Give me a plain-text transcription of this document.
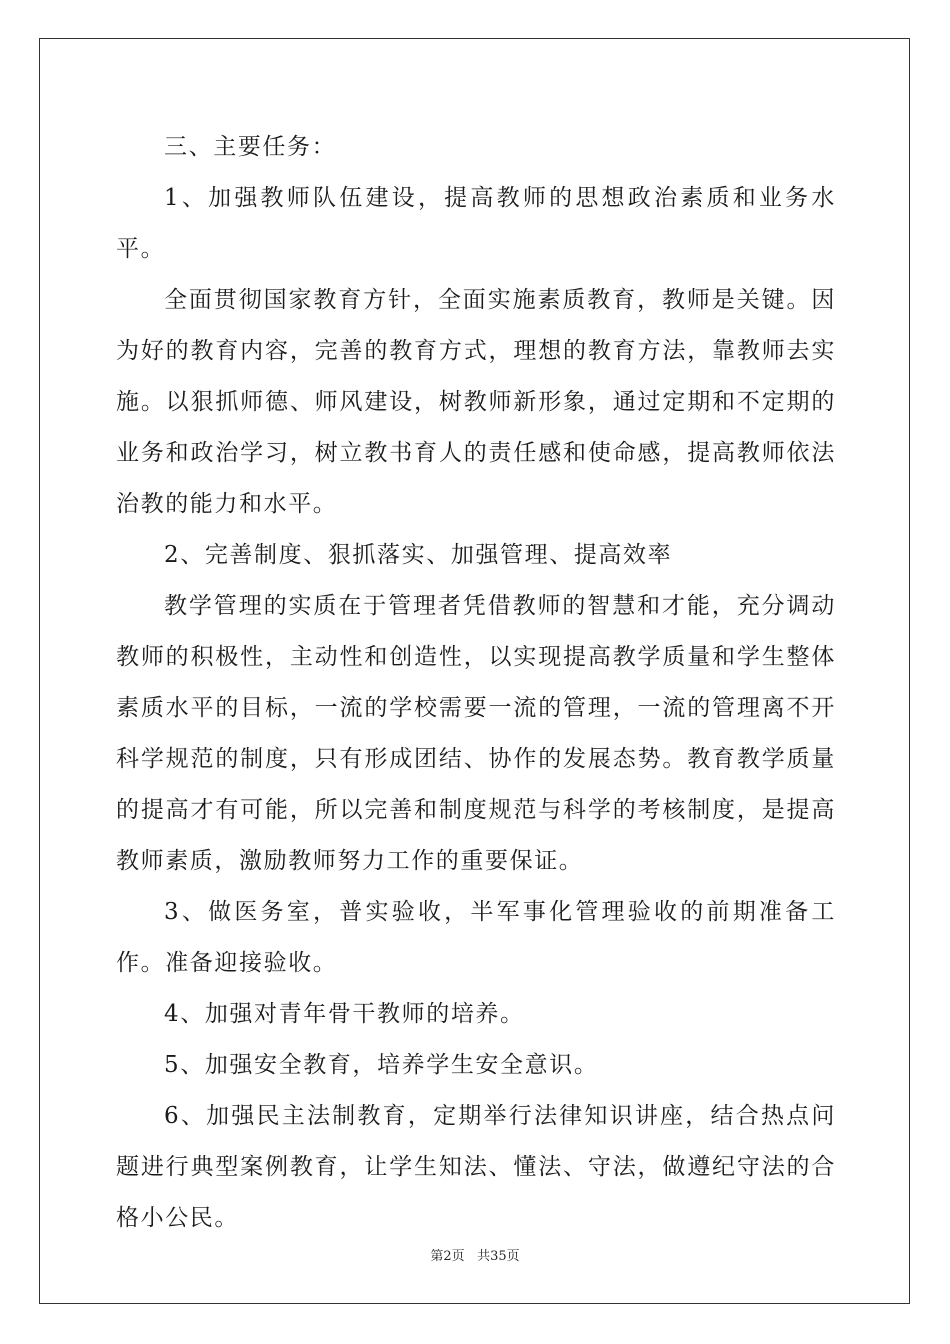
三、主要任务：

1、加强教师队伍建设，提高教师的思想政治素质和业务水平。

全面贯彻国家教育方针，全面实施素质教育，教师是关键。因为好的教育内容，完善的教育方式，理想的教育方法，靠教师去实施。以狠抓师德、师风建设，树教师新形象，通过定期和不定期的业务和政治学习，树立教书育人的责任感和使命感，提高教师依法治教的能力和水平。

2、完善制度、狠抓落实、加强管理、提高效率

教学管理的实质在于管理者凭借教师的智慧和才能，充分调动教师的积极性，主动性和创造性，以实现提高教学质量和学生整体素质水平的目标，一流的学校需要一流的管理，一流的管理离不开科学规范的制度，只有形成团结、协作的发展态势。教育教学质量的提高才有可能，所以完善和制度规范与科学的考核制度，是提高教师素质，激励教师努力工作的重要保证。

3、做医务室，普实验收，半军事化管理验收的前期准备工作。准备迎接验收。

4、加强对青年骨干教师的培养。

5、加强安全教育，培养学生安全意识。

6、加强民主法制教育，定期举行法律知识讲座，结合热点问题进行典型案例教育，让学生知法、懂法、守法，做遵纪守法的合格小公民。

第2页 共35页
